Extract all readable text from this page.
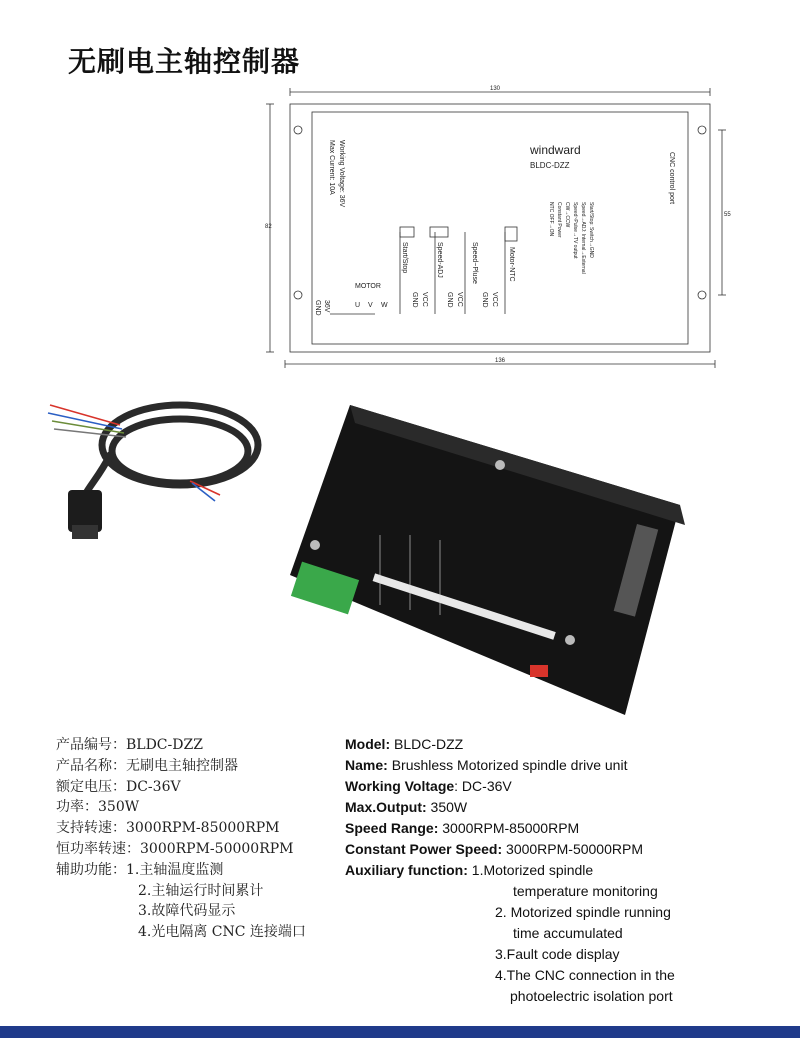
无刷电主轴控制器
130
136
82
55
windward
BLDC-DZZ	CNC control port
Working Voltage: 36V
Max Current: 10A
MOTOR
U V W
36V
GND
Start/Stop
GND VCC
Speed-ADJ
GND VCC
Speed~Pluse
GND VCC
Motor-NTC
Start/Stop: Switch→GND
Speed→ADJ: Internal→External
Speed~Pulse→TV output
CW→CCW
Constant Power
NTC OFF→ON
产品编号：BLDC-DZZ
产品名称：无刷电主轴控制器
额定电压：DC-36V
功率：350W
支持转速：3000RPM-85000RPM
恒功率转速：3000RPM-50000RPM
辅助功能：1.主轴温度监测
2.主轴运行时间累计
3.故障代码显示
4.光电隔离 CNC 连接端口
Model: BLDC-DZZ
Name: Brushless Motorized spindle drive unit
Working Voltage: DC-36V
Max.Output: 350W
Speed Range: 3000RPM-85000RPM
Constant Power Speed: 3000RPM-50000RPM
Auxiliary function: 1.Motorized spindle
temperature monitoring
2. Motorized spindle running
time accumulated
3.Fault code display
4.The CNC connection in the
photoelectric isolation port
